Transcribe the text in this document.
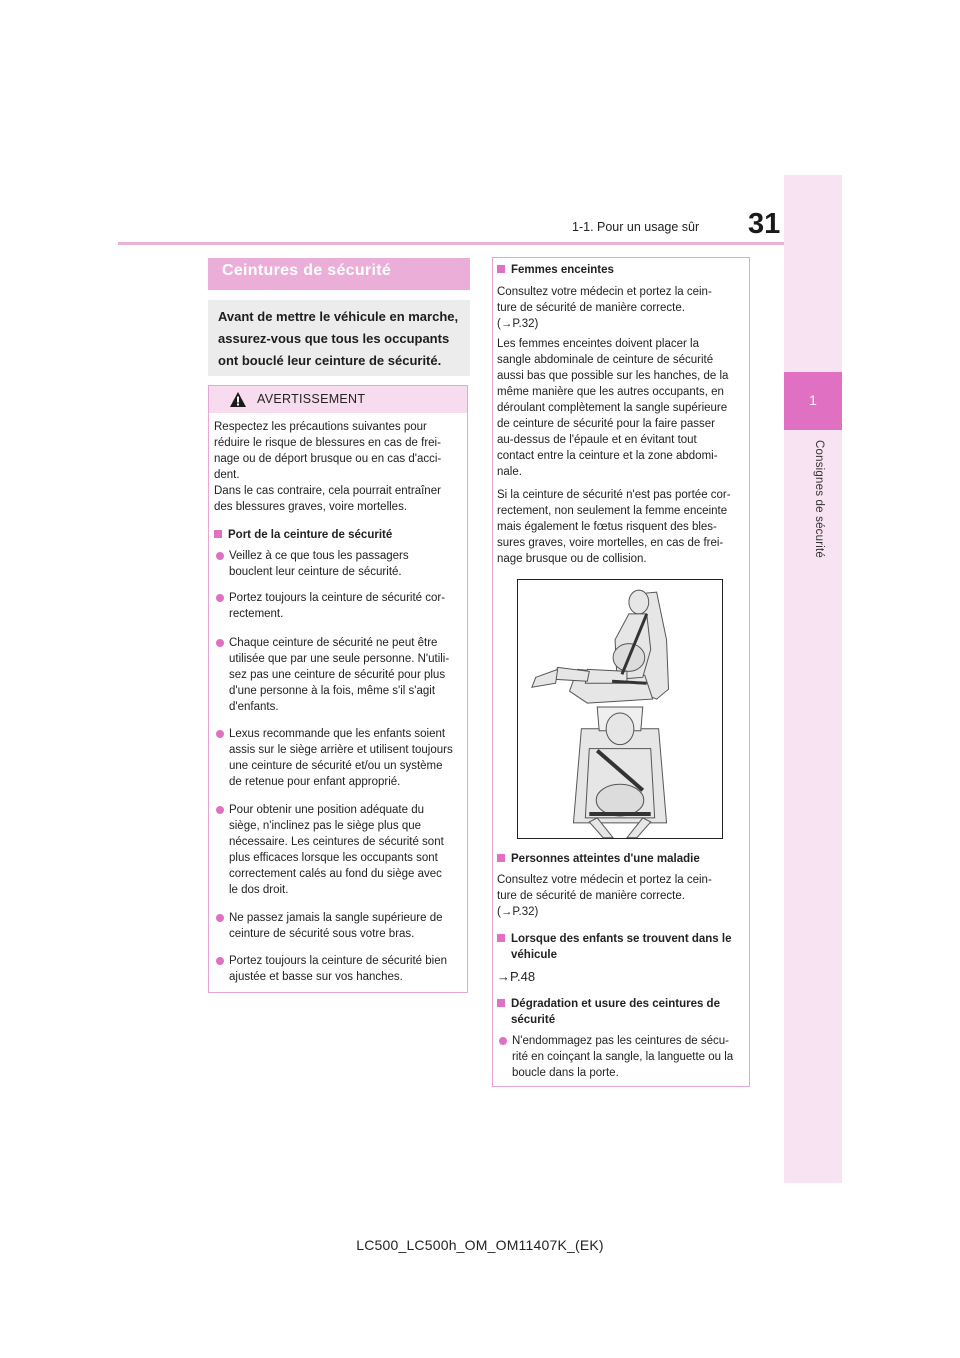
31
1-1. Pour un usage sûr
1
Consignes de sécurité
Ceintures de sécurité
Avant de mettre le véhicule en marche, assurez-vous que tous les occupants ont bouclé leur ceinture de sécurité.
AVERTISSEMENT
Respectez les précautions suivantes pour
réduire le risque de blessures en cas de frei-
nage ou de déport brusque ou en cas d'acci-
dent.
Dans le cas contraire, cela pourrait entraîner
des blessures graves, voire mortelles.
Port de la ceinture de sécurité
Veillez à ce que tous les passagers
bouclent leur ceinture de sécurité.
Portez toujours la ceinture de sécurité cor-
rectement.
Chaque ceinture de sécurité ne peut être
utilisée que par une seule personne. N'utili-
sez pas une ceinture de sécurité pour plus
d'une personne à la fois, même s'il s'agit
d'enfants.
Lexus recommande que les enfants soient
assis sur le siège arrière et utilisent toujours
une ceinture de sécurité et/ou un système
de retenue pour enfant approprié.
Pour obtenir une position adéquate du
siège, n'inclinez pas le siège plus que
nécessaire. Les ceintures de sécurité sont
plus efficaces lorsque les occupants sont
correctement calés au fond du siège avec
le dos droit.
Ne passez jamais la sangle supérieure de
ceinture de sécurité sous votre bras.
Portez toujours la ceinture de sécurité bien
ajustée et basse sur vos hanches.
Femmes enceintes
Consultez votre médecin et portez la cein-
ture de sécurité de manière correcte.
(→P.32)
Les femmes enceintes doivent placer la
sangle abdominale de ceinture de sécurité
aussi bas que possible sur les hanches, de la
même manière que les autres occupants, en
déroulant complètement la sangle supérieure
de ceinture de sécurité pour la faire passer
au-dessus de l'épaule et en évitant tout
contact entre la ceinture et la zone abdomi-
nale.
Si la ceinture de sécurité n'est pas portée cor-
rectement, non seulement la femme enceinte
mais également le fœtus risquent des bles-
sures graves, voire mortelles, en cas de frei-
nage brusque ou de collision.
Personnes atteintes d'une maladie
Consultez votre médecin et portez la cein-
ture de sécurité de manière correcte.
(→P.32)
Lorsque des enfants se trouvent dans le
véhicule
→P.48
Dégradation et usure des ceintures de
sécurité
N'endommagez pas les ceintures de sécu-
rité en coinçant la sangle, la languette ou la
boucle dans la porte.
LC500_LC500h_OM_OM11407K_(EK)
